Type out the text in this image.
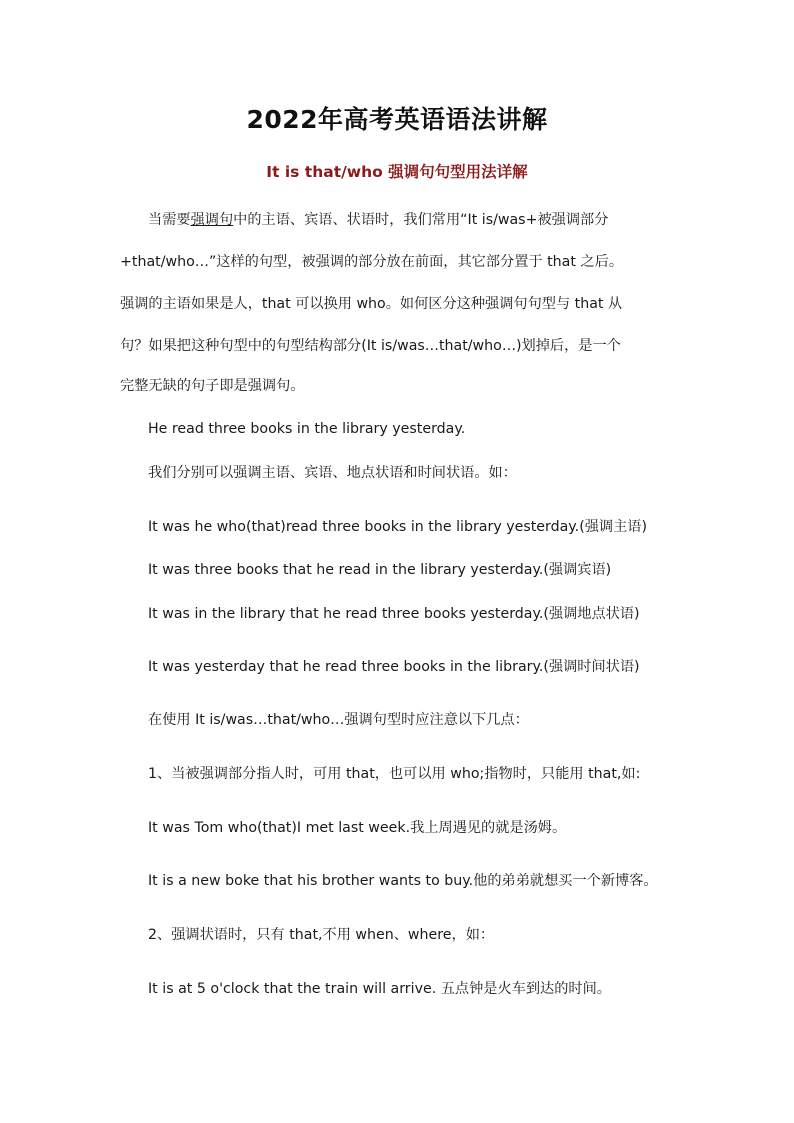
2022年高考英语语法讲解
It is that/who 强调句句型用法详解
当需要强调句中的主语、宾语、状语时，我们常用“It is/was+被强调部分
+that/who…”这样的句型，被强调的部分放在前面，其它部分置于 that 之后。
强调的主语如果是人，that 可以换用 who。如何区分这种强调句句型与 that 从
句？如果把这种句型中的句型结构部分(It is/was…that/who…)划掉后，是一个
完整无缺的句子即是强调句。
He read three books in the library yesterday.
我们分别可以强调主语、宾语、地点状语和时间状语。如：
It was he who(that)read three books in the library yesterday.(强调主语)
It was three books that he read in the library yesterday.(强调宾语)
It was in the library that he read three books yesterday.(强调地点状语)
It was yesterday that he read three books in the library.(强调时间状语)
在使用 It is/was…that/who…强调句型时应注意以下几点：
1、当被强调部分指人时，可用 that，也可以用 who;指物时，只能用 that,如:
It was Tom who(that)I met last week.我上周遇见的就是汤姆。
It is a new boke that his brother wants to buy.他的弟弟就想买一个新博客。
2、强调状语时，只有 that,不用 when、where，如：
It is at 5 o'clock that the train will arrive. 五点钟是火车到达的时间。
